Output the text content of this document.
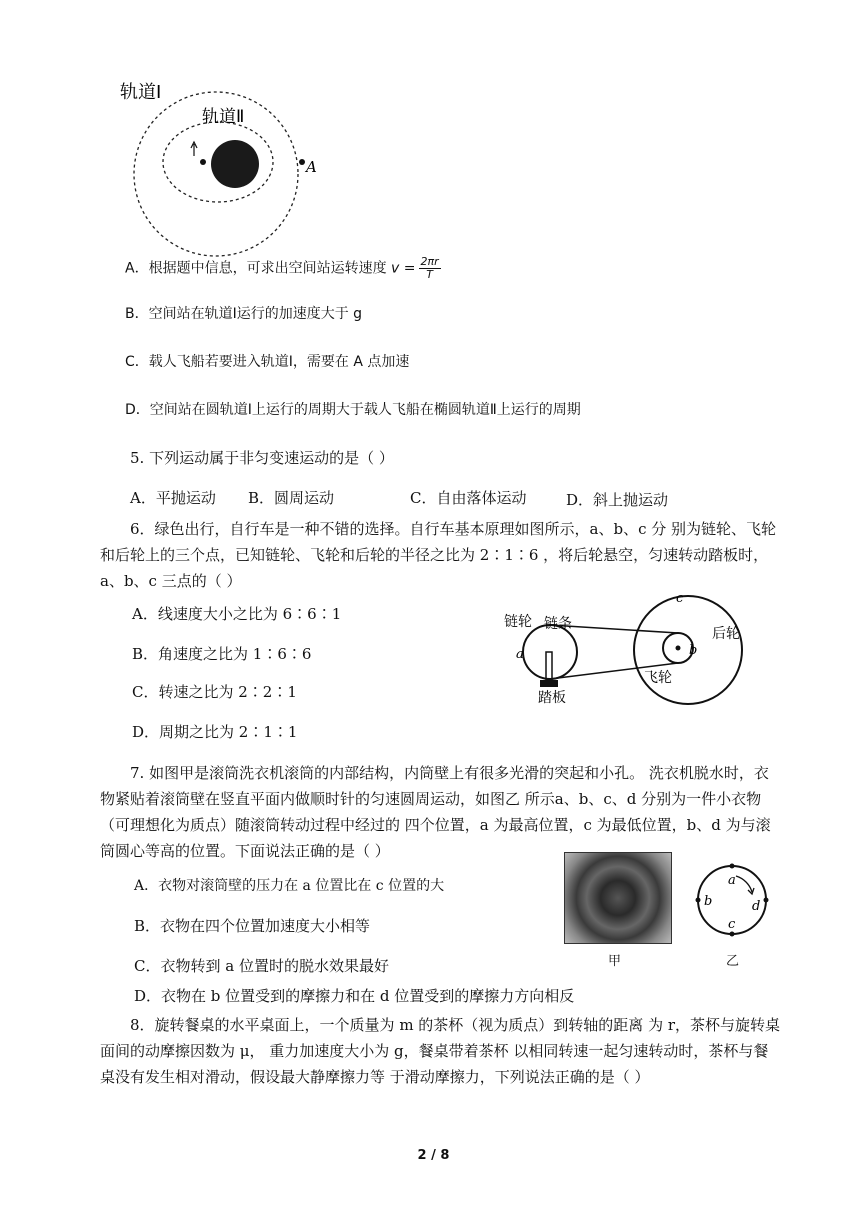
轨道Ⅰ
轨道Ⅱ
A
A．根据题中信息，可求出空间站运转速度 $v = \frac{2\pi r}{T}$
B．空间站在轨道Ⅰ运行的加速度大于 g
C．载人飞船若要进入轨道Ⅰ，需要在 A 点加速
D．空间站在圆轨道Ⅰ上运行的周期大于载人飞船在椭圆轨道Ⅱ上运行的周期
5. 下列运动属于非匀变速运动的是（ ）
A．平抛运动 B．圆周运动	C．自由落体运动	D．斜上抛运动
6．绿色出行，自行车是一种不错的选择。自行车基本原理如图所示，a、b、c 分 别为链轮、飞轮和后轮上的三个点，已知链轮、飞轮和后轮的半径之比为 2∶1∶6 ，将后轮悬空，匀速转动踏板时，a、b、c 三点的（ ）
A．线速度大小之比为 6∶6∶1
B．角速度之比为 1∶6∶6
C．转速之比为 2∶2∶1
D．周期之比为 2∶1∶1
链轮 链条
后轮
飞轮
踏板
a	b
c
7. 如图甲是滚筒洗衣机滚筒的内部结构，内筒壁上有很多光滑的突起和小孔。 洗衣机脱水时，衣物紧贴着滚筒壁在竖直平面内做顺时针的匀速圆周运动，如图乙 所示a、b、c、d 分别为一件小衣物（可理想化为质点）随滚筒转动过程中经过的 四个位置，a 为最高位置，c 为最低位置，b、d 为与滚筒圆心等高的位置。下面说法正确的是（ ）
A．衣物对滚筒壁的压力在 a 位置比在 c 位置的大
B．衣物在四个位置加速度大小相等
C．衣物转到 a 位置时的脱水效果最好
D．衣物在 b 位置受到的摩擦力和在 d 位置受到的摩擦力方向相反
甲
a
b
c
d
乙
8．旋转餐桌的水平桌面上，一个质量为 m 的茶杯（视为质点）到转轴的距离 为 r，茶杯与旋转桌面间的动摩擦因数为 μ， 重力加速度大小为 g，餐桌带着茶杯 以相同转速一起匀速转动时，茶杯与餐桌没有发生相对滑动，假设最大静摩擦力等 于滑动摩擦力，下列说法正确的是（ ）
2 / 8
